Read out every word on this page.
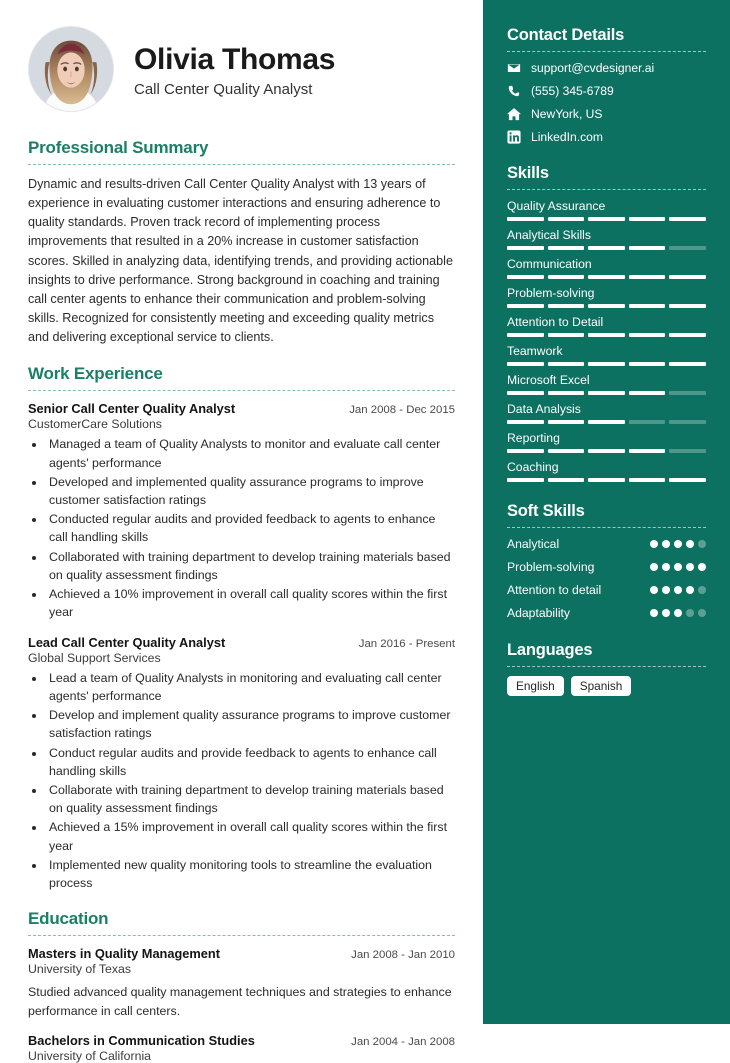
Olivia Thomas
Call Center Quality Analyst
Professional Summary
Dynamic and results-driven Call Center Quality Analyst with 13 years of experience in evaluating customer interactions and ensuring adherence to quality standards. Proven track record of implementing process improvements that resulted in a 20% increase in customer satisfaction scores. Skilled in analyzing data, identifying trends, and providing actionable insights to drive performance. Strong background in coaching and training call center agents to enhance their communication and problem-solving skills. Recognized for consistently meeting and exceeding quality metrics and delivering exceptional service to clients.
Work Experience
Senior Call Center Quality Analyst	Jan 2008 - Dec 2015
CustomerCare Solutions
• Managed a team of Quality Analysts to monitor and evaluate call center agents' performance
• Developed and implemented quality assurance programs to improve customer satisfaction ratings
• Conducted regular audits and provided feedback to agents to enhance call handling skills
• Collaborated with training department to develop training materials based on quality assessment findings
• Achieved a 10% improvement in overall call quality scores within the first year
Lead Call Center Quality Analyst	Jan 2016 - Present
Global Support Services
• Lead a team of Quality Analysts in monitoring and evaluating call center agents' performance
• Develop and implement quality assurance programs to improve customer satisfaction ratings
• Conduct regular audits and provide feedback to agents to enhance call handling skills
• Collaborate with training department to develop training materials based on quality assessment findings
• Achieved a 15% improvement in overall call quality scores within the first year
• Implemented new quality monitoring tools to streamline the evaluation process
Education
Masters in Quality Management	Jan 2008 - Jan 2010
University of Texas
Studied advanced quality management techniques and strategies to enhance performance in call centers.
Bachelors in Communication Studies	Jan 2004 - Jan 2008
University of California
Contact Details
support@cvdesigner.ai
(555) 345-6789
NewYork, US
LinkedIn.com
Skills
Quality Assurance
Analytical Skills
Communication
Problem-solving
Attention to Detail
Teamwork
Microsoft Excel
Data Analysis
Reporting
Coaching
Soft Skills
Analytical
Problem-solving
Attention to detail
Adaptability
Languages
English	Spanish
